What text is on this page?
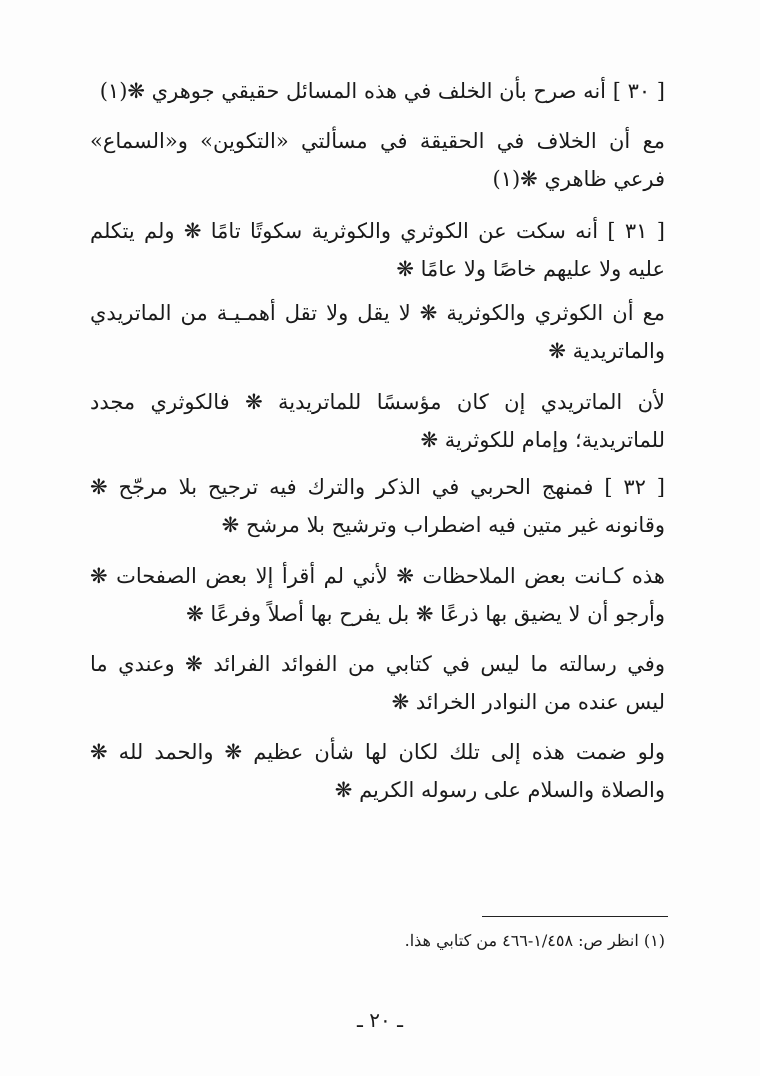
[ ٣٠ ] أنه صرح بأن الخلف في هذه المسائل حقيقي جوهري ❋(١)

مع أن الخلاف في الحقيقة في مسألتي «التكوين» و«السماع» فرعي ظاهري ❋(١)

[ ٣١ ] أنه سكت عن الكوثري والكوثرية سكوتًا تامًا ❋ ولم يتكلم عليه ولا عليهم خاصًا ولا عامًا ❋

مع أن الكوثري والكوثرية ❋ لا يقل ولا تقل أهمـيـة من الماتريدي والماتريدية ❋

لأن الماتريدي إن كان مؤسسًا للماتريدية ❋ فالكوثري مجدد للماتريدية؛ وإمام للكوثرية ❋

[ ٣٢ ] فمنهج الحربي في الذكر والترك فيه ترجيح بلا مرجّح ❋ وقانونه غير متين فيه اضطراب وترشيح بلا مرشح ❋

هذه كـانت بعض الملاحظات ❋ لأني لم أقرأ إلا بعض الصفحات ❋ وأرجو أن لا يضيق بها ذرعًا ❋ بل يفرح بها أصلاً وفرعًا ❋

وفي رسالته ما ليس في كتابي من الفوائد الفرائد ❋ وعندي ما ليس عنده من النوادر الخرائد ❋

ولو ضمت هذه إلى تلك لكان لها شأن عظيم ❋ والحمد لله ❋ والصلاة والسلام على رسوله الكريم ❋

(١) انظر ص: ١/٤٥٨-٤٦٦ من كتابي هذا.

ـ ٢٠ ـ
